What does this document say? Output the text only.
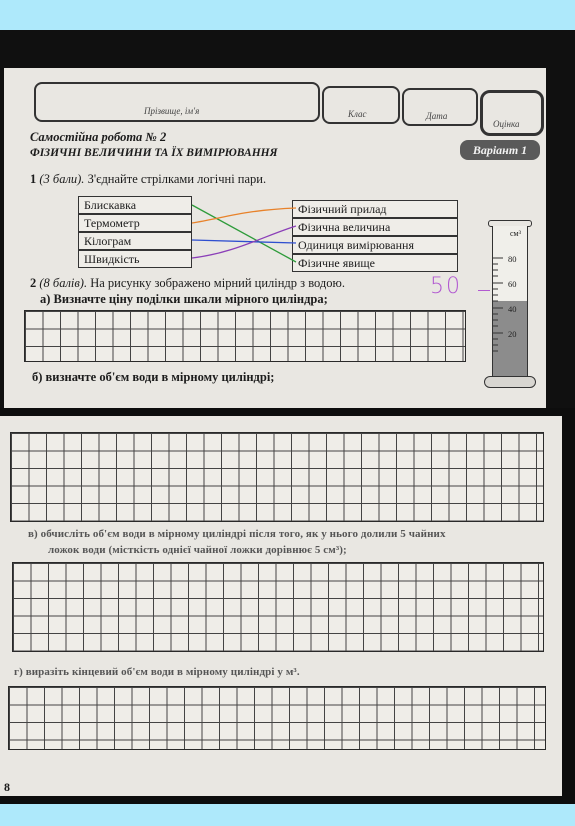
Прізвище, ім'я	Клас	Дата
Оцінка
Самостійна робота № 2
ФІЗИЧНІ ВЕЛИЧИНИ ТА ЇХ ВИМІРЮВАННЯ	Варіант 1
1 (3 бали). З'єднайте стрілками логічні пари.
Блискавка
Термометр
Кілограм
Швидкість
Фізичний прилад
Фізична величина
Одиниця вимірювання
Фізичне явище
2 (8 балів). На рисунку зображено мірний циліндр з водою.
а) Визначте ціну поділки шкали мірного циліндра;
б) визначте об'єм води в мірному циліндрі;
50
см³
80
60
40
20
в) обчисліть об'єм води в мірному циліндрі після того, як у нього долили 5 чайних
ложок води (місткість однієї чайної ложки дорівнює 5 см³);
г) виразіть кінцевий об'єм води в мірному циліндрі у м³.
8
